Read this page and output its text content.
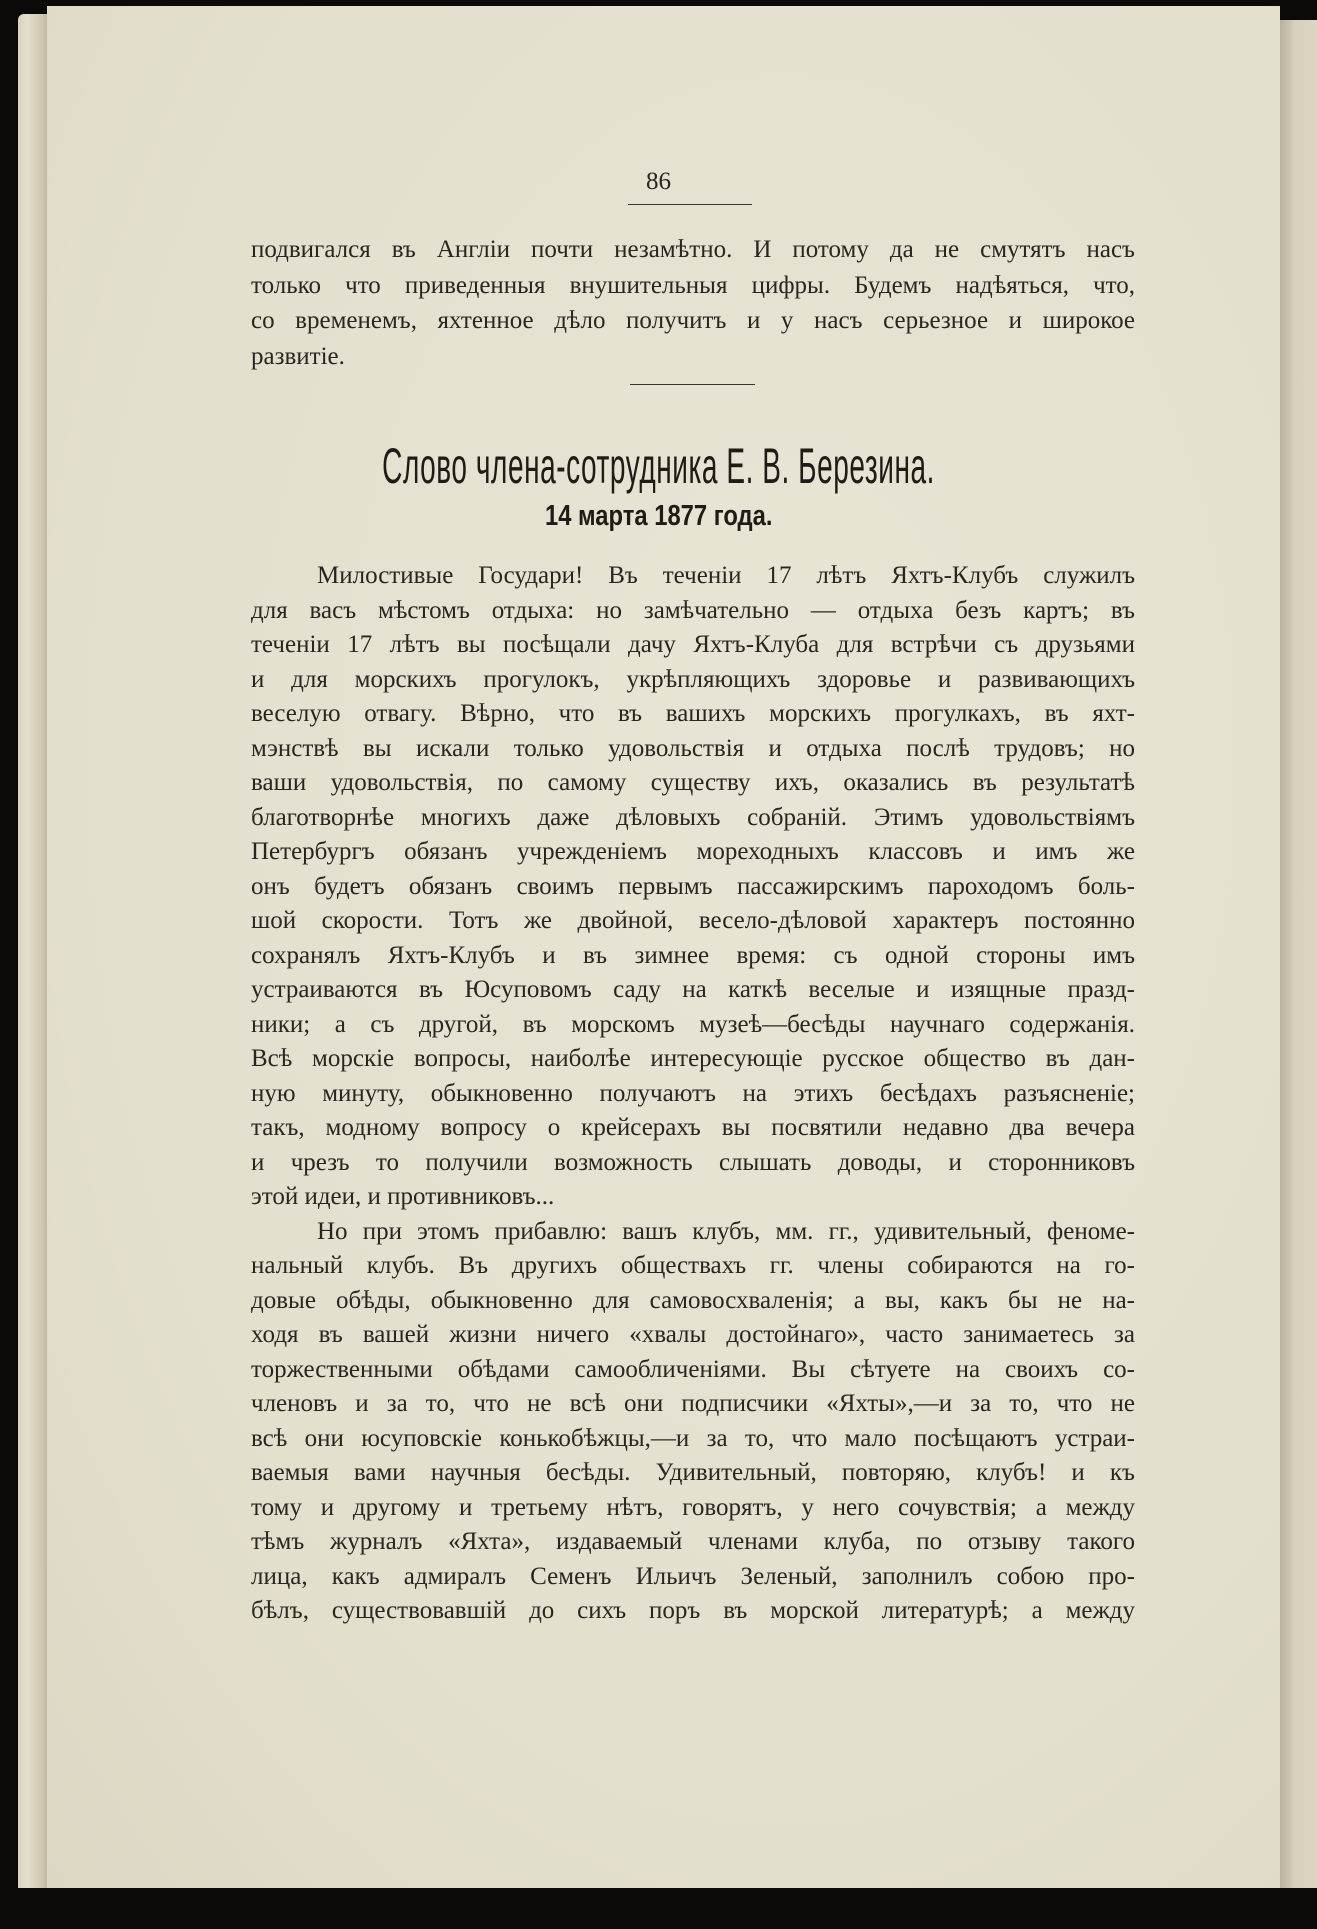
86
подвигался въ Англіи почти незамѣтно. И потому да не смутятъ насъ
только что приведенныя внушительныя цифры. Будемъ надѣяться, что,
со временемъ, яхтенное дѣло получитъ и у насъ серьезное и широкое
развитіе.
Слово члена-сотрудника Е. В. Березина.
14 марта 1877 года.
Милостивые Государи! Въ теченіи 17 лѣтъ Яхтъ-Клубъ служилъ
для васъ мѣстомъ отдыха: но замѣчательно — отдыха безъ картъ; въ
теченіи 17 лѣтъ вы посѣщали дачу Яхтъ-Клуба для встрѣчи съ друзьями
и для морскихъ прогулокъ, укрѣпляющихъ здоровье и развивающихъ
веселую отвагу. Вѣрно, что въ вашихъ морскихъ прогулкахъ, въ яхт-
мэнствѣ вы искали только удовольствія и отдыха послѣ трудовъ; но
ваши удовольствія, по самому существу ихъ, оказались въ результатѣ
благотворнѣе многихъ даже дѣловыхъ собраній. Этимъ удовольствіямъ
Петербургъ обязанъ учрежденіемъ мореходныхъ классовъ и имъ же
онъ будетъ обязанъ своимъ первымъ пассажирскимъ пароходомъ боль-
шой скорости. Тотъ же двойной, весело-дѣловой характеръ постоянно
сохранялъ Яхтъ-Клубъ и въ зимнее время: съ одной стороны имъ
устраиваются въ Юсуповомъ саду на каткѣ веселые и изящные празд-
ники; а съ другой, въ морскомъ музеѣ—бесѣды научнаго содержанія.
Всѣ морскіе вопросы, наиболѣе интересующіе русское общество въ дан-
ную минуту, обыкновенно получаютъ на этихъ бесѣдахъ разъясненіе;
такъ, модному вопросу о крейсерахъ вы посвятили недавно два вечера
и чрезъ то получили возможность слышать доводы, и сторонниковъ
этой идеи, и противниковъ...
Но при этомъ прибавлю: вашъ клубъ, мм. гг., удивительный, феноме-
нальный клубъ. Въ другихъ обществахъ гг. члены собираются на го-
довые обѣды, обыкновенно для самовосхваленія; а вы, какъ бы не на-
ходя въ вашей жизни ничего «хвалы достойнаго», часто занимаетесь за
торжественными обѣдами самообличеніями. Вы сѣтуете на своихъ со-
членовъ и за то, что не всѣ они подписчики «Яхты»,—и за то, что не
всѣ они юсуповскіе конькобѣжцы,—и за то, что мало посѣщаютъ устраи-
ваемыя вами научныя бесѣды. Удивительный, повторяю, клубъ! и къ
тому и другому и третьему нѣтъ, говорятъ, у него сочувствія; а между
тѣмъ журналъ «Яхта», издаваемый членами клуба, по отзыву такого
лица, какъ адмиралъ Семенъ Ильичъ Зеленый, заполнилъ собою про-
бѣлъ, существовавшій до сихъ поръ въ морской литературѣ; а между
